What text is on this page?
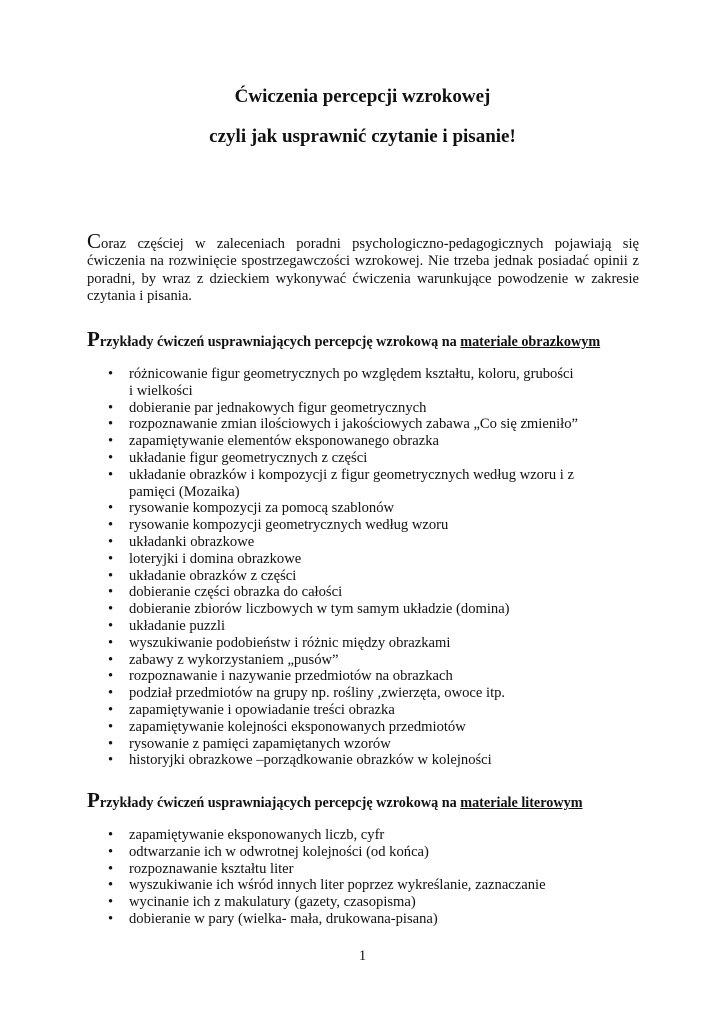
Ćwiczenia percepcji wzrokowej
czyli jak usprawnić czytanie i pisanie!

Coraz częściej w zaleceniach poradni psychologiczno-pedagogicznych pojawiają się ćwiczenia na rozwinięcie spostrzegawczości wzrokowej. Nie trzeba jednak posiadać opinii z poradni, by wraz z dzieckiem wykonywać ćwiczenia warunkujące powodzenie w zakresie czytania i pisania.

Przykłady ćwiczeń usprawniających percepcję wzrokową na materiale obrazkowym

• różnicowanie figur geometrycznych po względem kształtu, koloru, grubości i wielkości
• dobieranie par jednakowych figur geometrycznych
• rozpoznawanie zmian ilościowych i jakościowych zabawa „Co się zmieniło”
• zapamiętywanie elementów eksponowanego obrazka
• układanie figur geometrycznych z części
• układanie obrazków i kompozycji z figur geometrycznych według wzoru i z pamięci (Mozaika)
• rysowanie kompozycji za pomocą szablonów
• rysowanie kompozycji geometrycznych według wzoru
• układanki obrazkowe
• loteryjki i domina obrazkowe
• układanie obrazków z części
• dobieranie części obrazka do całości
• dobieranie zbiorów liczbowych w tym samym układzie (domina)
• układanie puzzli
• wyszukiwanie podobieństw i różnic między obrazkami
• zabawy z wykorzystaniem „pusów”
• rozpoznawanie i nazywanie przedmiotów na obrazkach
• podział przedmiotów na grupy np. rośliny ,zwierzęta, owoce itp.
• zapamiętywanie i opowiadanie treści obrazka
• zapamiętywanie kolejności eksponowanych przedmiotów
• rysowanie z pamięci zapamiętanych wzorów
• historyjki obrazkowe –porządkowanie obrazków w kolejności

Przykłady ćwiczeń usprawniających percepcję wzrokową na materiale literowym

• zapamiętywanie eksponowanych liczb, cyfr
• odtwarzanie ich w odwrotnej kolejności (od końca)
• rozpoznawanie kształtu liter
• wyszukiwanie ich wśród innych liter poprzez wykreślanie, zaznaczanie
• wycinanie ich z makulatury (gazety, czasopisma)
• dobieranie w pary (wielka- mała, drukowana-pisana)

1
